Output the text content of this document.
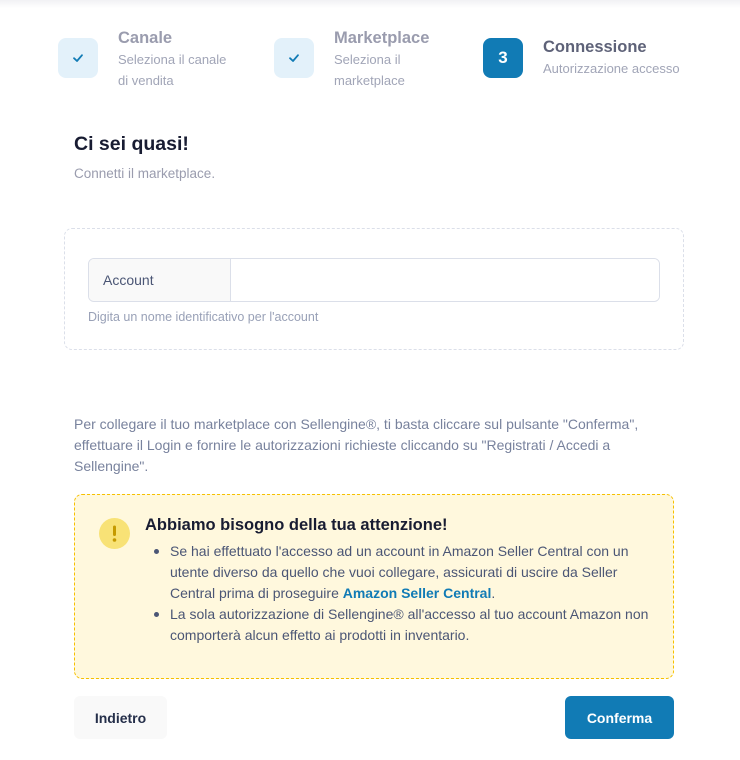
Canale
Seleziona il canale di vendita
Marketplace
Seleziona il marketplace
3
Connessione
Autorizzazione accesso
Ci sei quasi!
Connetti il marketplace.
Account
Digita un nome identificativo per l'account

Per collegare il tuo marketplace con Sellengine®, ti basta cliccare sul pulsante "Conferma", effettuare il Login e fornire le autorizzazioni richieste cliccando su "Registrati / Accedi a Sellengine".

Abbiamo bisogno della tua attenzione!
Se hai effettuato l'accesso ad un account in Amazon Seller Central con un utente diverso da quello che vuoi collegare, assicurati di uscire da Seller Central prima di proseguire Amazon Seller Central.
La sola autorizzazione di Sellengine® all'accesso al tuo account Amazon non comporterà alcun effetto ai prodotti in inventario.
Indietro	Conferma
